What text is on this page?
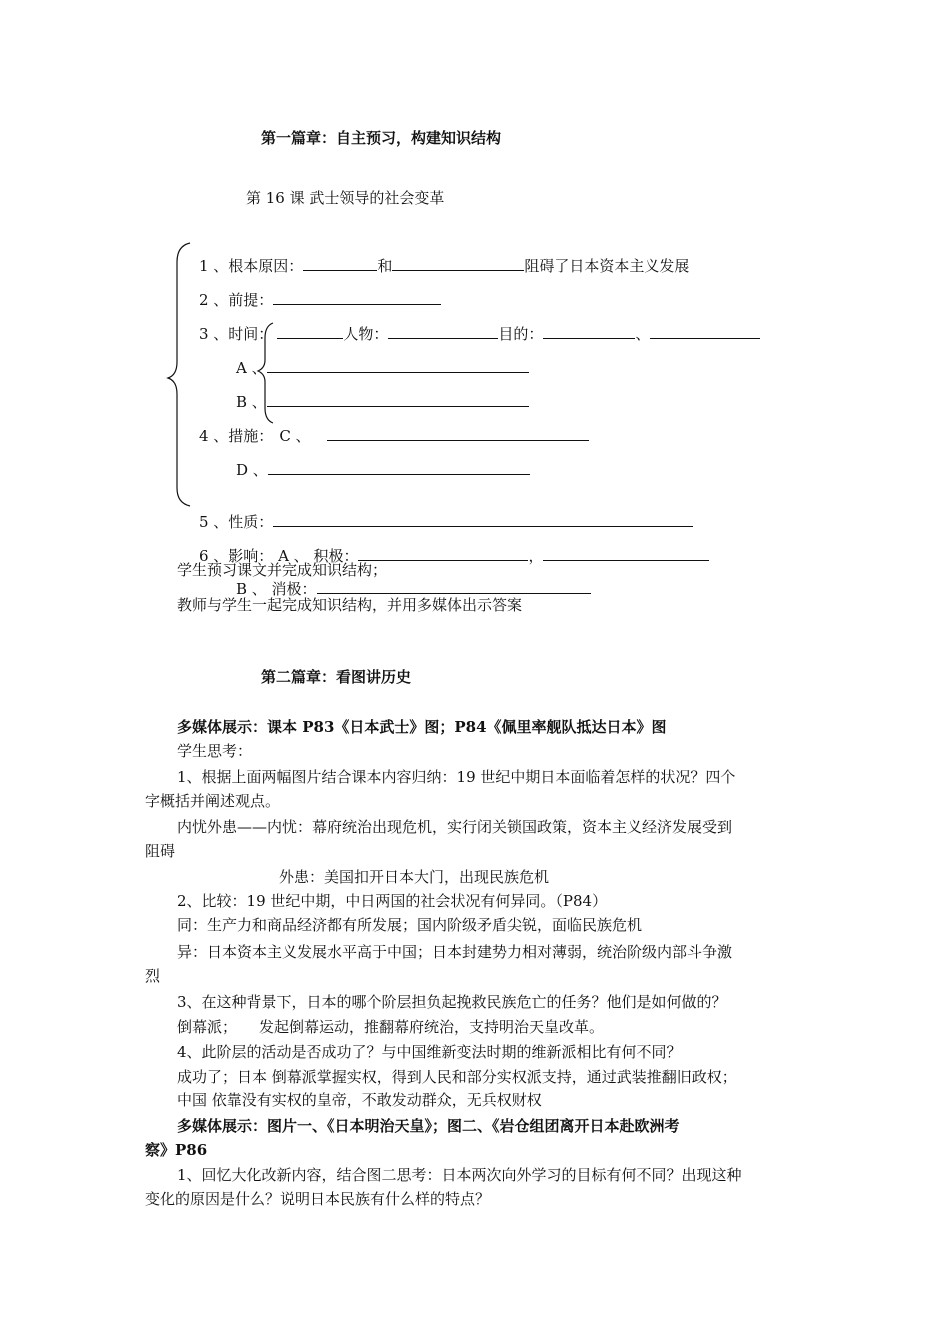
第一篇章：自主预习，构建知识结构
第 16 课 武士领导的社会变革
1 、根本原因：	和	阻碍了日本资本主义发展
2 、前提：
3 、时间：	人物：	目的：	、
A 、
B 、
4 、措施： C 、
D 、
5 、性质：
6 、影响： A 、 积极：	，
B 、 消极：
学生预习课文并完成知识结构；
教师与学生一起完成知识结构，并用多媒体出示答案
第二篇章：看图讲历史
多媒体展示：课本 P83《日本武士》图；P84《佩里率舰队抵达日本》图
学生思考：
1、根据上面两幅图片结合课本内容归纳：19 世纪中期日本面临着怎样的状况？四个
字概括并阐述观点。
内忧外患——内忧：幕府统治出现危机，实行闭关锁国政策，资本主义经济发展受到
阻碍
外患：美国扣开日本大门，出现民族危机
2、比较：19 世纪中期，中日两国的社会状况有何异同。（P84）
同：生产力和商品经济都有所发展；国内阶级矛盾尖锐，面临民族危机
异：日本资本主义发展水平高于中国；日本封建势力相对薄弱，统治阶级内部斗争激
烈
3、在这种背景下，日本的哪个阶层担负起挽救民族危亡的任务？他们是如何做的？
倒幕派； 发起倒幕运动，推翻幕府统治，支持明治天皇改革。
4、此阶层的活动是否成功了？与中国维新变法时期的维新派相比有何不同？
成功了；日本 倒幕派掌握实权，得到人民和部分实权派支持，通过武装推翻旧政权；
中国 依靠没有实权的皇帝，不敢发动群众，无兵权财权
多媒体展示：图片一、《日本明治天皇》；图二、《岩仓组团离开日本赴欧洲考
察》P86
1、回忆大化改新内容，结合图二思考：日本两次向外学习的目标有何不同？出现这种
变化的原因是什么？说明日本民族有什么样的特点？
